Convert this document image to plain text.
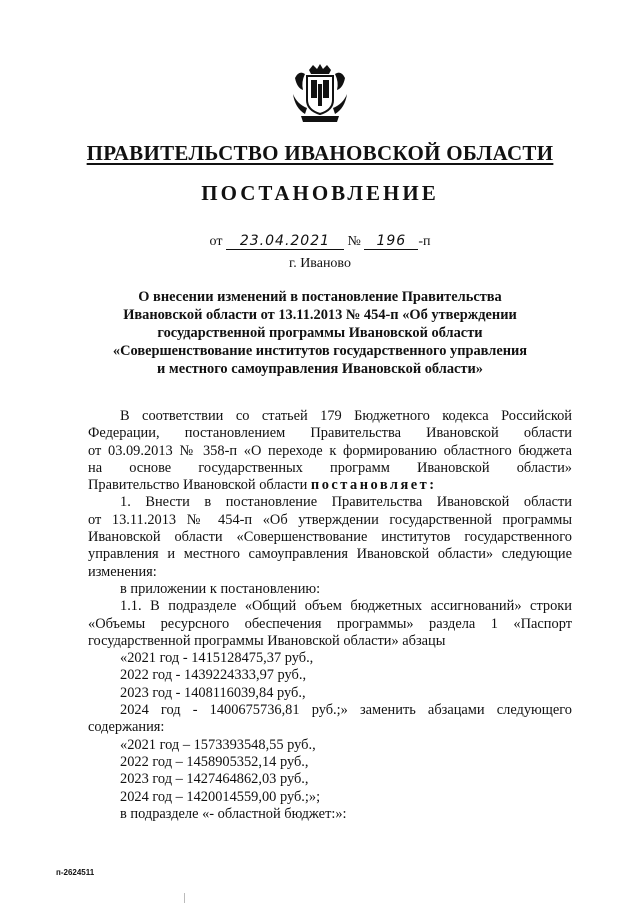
ПРАВИТЕЛЬСТВО ИВАНОВСКОЙ ОБЛАСТИ
ПОСТАНОВЛЕНИЕ
от 23.04.2021 № 196 -п
г. Иваново
О внесении изменений в постановление Правительства
Ивановской области от 13.11.2013 № 454-п «Об утверждении
государственной программы Ивановской области
«Совершенствование институтов государственного управления
и местного самоуправления Ивановской области»
В соответствии со статьей 179 Бюджетного кодекса Российской
Федерации, постановлением Правительства Ивановской области
от 03.09.2013 № 358-п «О переходе к формированию областного бюджета
на основе государственных программ Ивановской области»
Правительство Ивановской области постановляет:
1. Внести в постановление Правительства Ивановской области
от 13.11.2013 № 454-п «Об утверждении государственной программы
Ивановской области «Совершенствование институтов государственного
управления и местного самоуправления Ивановской области» следующие
изменения:
в приложении к постановлению:
1.1. В подразделе «Общий объем бюджетных ассигнований» строки
«Объемы ресурсного обеспечения программы» раздела 1 «Паспорт
государственной программы Ивановской области» абзацы
«2021 год - 1415128475,37 руб.,
2022 год - 1439224333,97 руб.,
2023 год - 1408116039,84 руб.,
2024 год - 1400675736,81 руб.;» заменить абзацами следующего
содержания:
«2021 год – 1573393548,55 руб.,
2022 год – 1458905352,14 руб.,
2023 год – 1427464862,03 руб.,
2024 год – 1420014559,00 руб.;»;
в подразделе «- областной бюджет:»:
п-2624511
